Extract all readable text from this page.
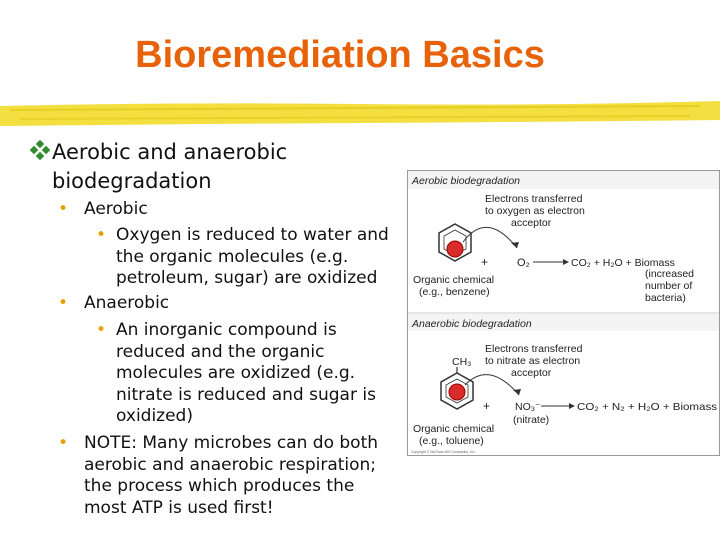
Bioremediation Basics
Aerobic and anaerobic biodegradation
• Aerobic
• Oxygen is reduced to water and the organic molecules (e.g. petroleum, sugar) are oxidized
• Anaerobic
• An inorganic compound is reduced and the organic molecules are oxidized (e.g. nitrate is reduced and sugar is oxidized)
• NOTE: Many microbes can do both aerobic and anaerobic respiration; the process which produces the most ATP is used first!
Aerobic biodegradation
Electrons transferred to oxygen as electron acceptor
+	O₂	CO₂ + H₂O + Biomass
(increased number of bacteria)
Organic chemical
(e.g., benzene)
Anaerobic biodegradation
CH₃
Electrons transferred to nitrate as electron acceptor
+ NO₃⁻
(nitrate)
CO₂ + N₂ + H₂O + Biomass
Organic chemical
(e.g., toluene)
Copyright © McGraw-Hill Companies, Inc.
